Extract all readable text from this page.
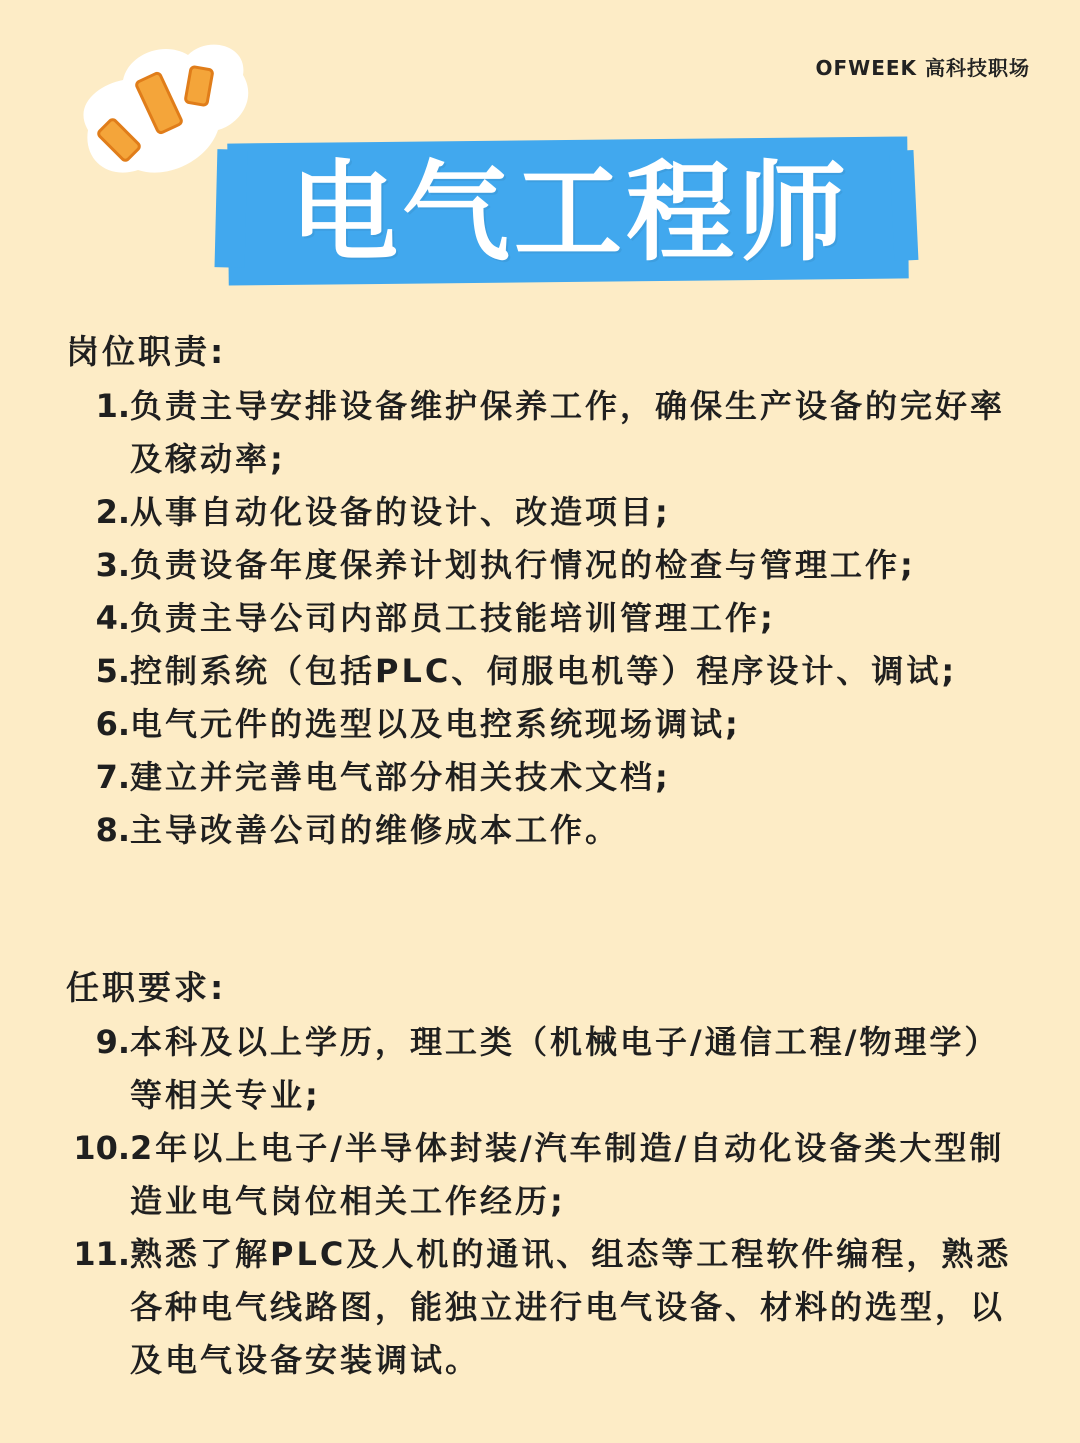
OFWEEK 高科技职场
电气工程师
岗位职责:
1. 负责主导安排设备维护保养工作，确保生产设备的完好率及稼动率;
2. 从事自动化设备的设计、改造项目;
3. 负责设备年度保养计划执行情况的检查与管理工作;
4. 负责主导公司内部员工技能培训管理工作;
5. 控制系统（包括PLC、伺服电机等）程序设计、调试;
6. 电气元件的选型以及电控系统现场调试;
7. 建立并完善电气部分相关技术文档;
8. 主导改善公司的维修成本工作。
任职要求:
9. 本科及以上学历，理工类（机械电子/通信工程/物理学）等相关专业;
10. 2年以上电子/半导体封装/汽车制造/自动化设备类大型制造业电气岗位相关工作经历;
11. 熟悉了解PLC及人机的通讯、组态等工程软件编程，熟悉各种电气线路图，能独立进行电气设备、材料的选型，以及电气设备安装调试。
